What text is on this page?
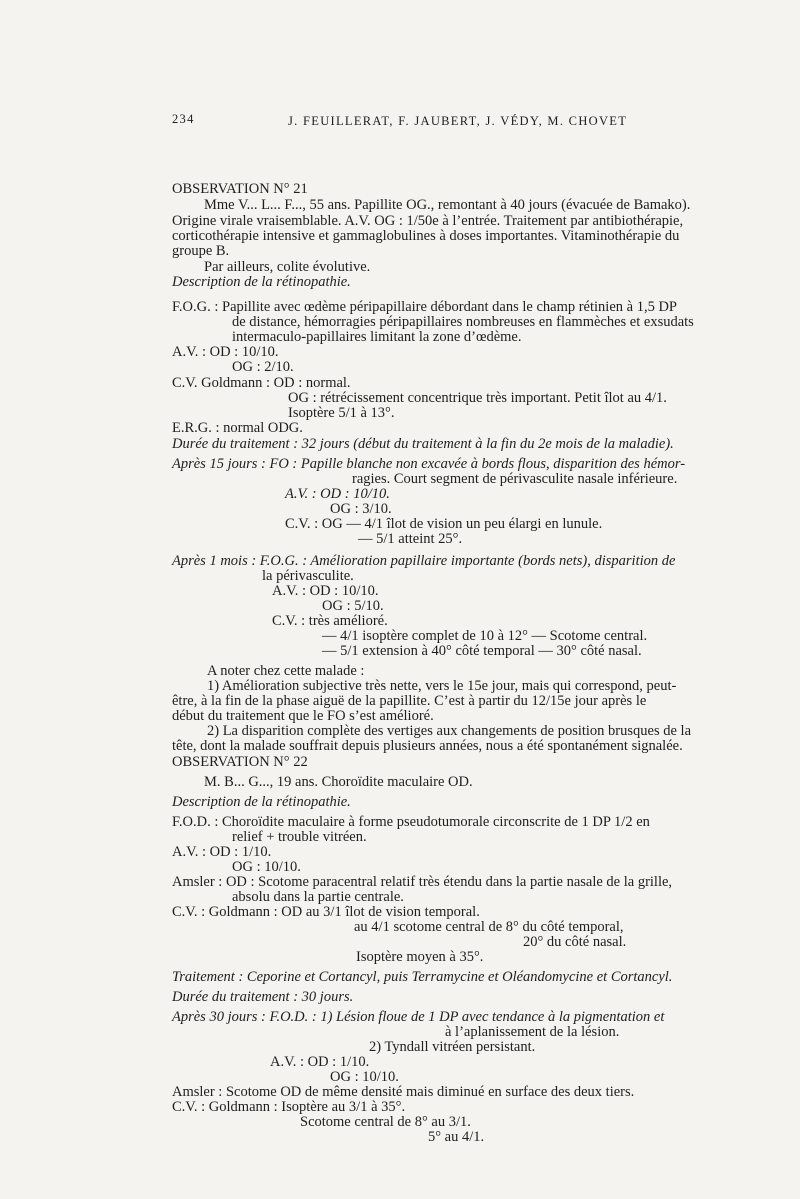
234	J. FEUILLERAT, F. JAUBERT, J. VÉDY, M. CHOVET
OBSERVATION N° 21
Mme V... L... F..., 55 ans. Papillite OG., remontant à 40 jours (évacuée de Bamako).
Origine virale vraisemblable. A.V. OG : 1/50e à l’entrée. Traitement par antibiothérapie,
corticothérapie intensive et gammaglobulines à doses importantes. Vitaminothérapie du
groupe B.
Par ailleurs, colite évolutive.
Description de la rétinopathie.
F.O.G. : Papillite avec œdème péripapillaire débordant dans le champ rétinien à 1,5 DP
de distance, hémorragies péripapillaires nombreuses en flammèches et exsudats
intermaculo-papillaires limitant la zone d’œdème.
A.V. : OD : 10/10.
OG : 2/10.
C.V. Goldmann : OD : normal.
OG : rétrécissement concentrique très important. Petit îlot au 4/1.
Isoptère 5/1 à 13°.
E.R.G. : normal ODG.
Durée du traitement : 32 jours (début du traitement à la fin du 2e mois de la maladie).
Après 15 jours : FO : Papille blanche non excavée à bords flous, disparition des hémor-
ragies. Court segment de périvasculite nasale inférieure.
A.V. : OD : 10/10.
OG : 3/10.
C.V. : OG — 4/1 îlot de vision un peu élargi en lunule.
— 5/1 atteint 25°.
Après 1 mois : F.O.G. : Amélioration papillaire importante (bords nets), disparition de
la périvasculite.
A.V. : OD : 10/10.
OG : 5/10.
C.V. : très amélioré.
— 4/1 isoptère complet de 10 à 12° — Scotome central.
— 5/1 extension à 40° côté temporal — 30° côté nasal.
A noter chez cette malade :
1) Amélioration subjective très nette, vers le 15e jour, mais qui correspond, peut-
être, à la fin de la phase aiguë de la papillite. C’est à partir du 12/15e jour après le
début du traitement que le FO s’est amélioré.
2) La disparition complète des vertiges aux changements de position brusques de la
tête, dont la malade souffrait depuis plusieurs années, nous a été spontanément signalée.
OBSERVATION N° 22
M. B... G..., 19 ans. Choroïdite maculaire OD.
Description de la rétinopathie.
F.O.D. : Choroïdite maculaire à forme pseudotumorale circonscrite de 1 DP 1/2 en
relief + trouble vitréen.
A.V. : OD : 1/10.
OG : 10/10.
Amsler : OD : Scotome paracentral relatif très étendu dans la partie nasale de la grille,
absolu dans la partie centrale.
C.V. : Goldmann : OD au 3/1 îlot de vision temporal.
au 4/1 scotome central de 8° du côté temporal,
20° du côté nasal.
Isoptère moyen à 35°.
Traitement : Ceporine et Cortancyl, puis Terramycine et Oléandomycine et Cortancyl.
Durée du traitement : 30 jours.
Après 30 jours : F.O.D. : 1) Lésion floue de 1 DP avec tendance à la pigmentation et
à l’aplanissement de la lésion.
2) Tyndall vitréen persistant.
A.V. : OD : 1/10.
OG : 10/10.
Amsler : Scotome OD de même densité mais diminué en surface des deux tiers.
C.V. : Goldmann : Isoptère au 3/1 à 35°.
Scotome central de 8° au 3/1.
5° au 4/1.
